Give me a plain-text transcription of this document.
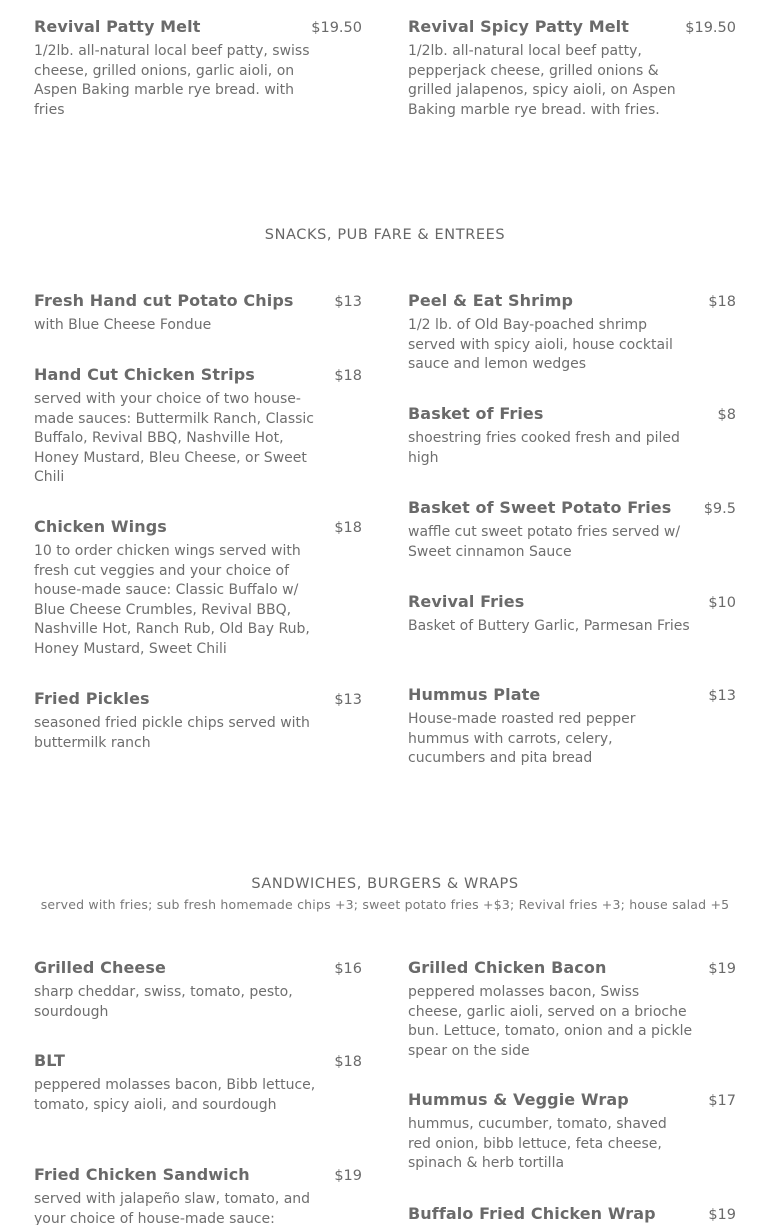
Revival Patty Melt	$19.50
1/2lb. all-natural local beef patty, swiss cheese, grilled onions, garlic aioli, on Aspen Baking marble rye bread. with fries
Revival Spicy Patty Melt	$19.50
1/2lb. all-natural local beef patty, pepperjack cheese, grilled onions & grilled jalapenos, spicy aioli, on Aspen Baking marble rye bread. with fries.
SNACKS, PUB FARE & ENTREES
Fresh Hand cut Potato Chips	$13
with Blue Cheese Fondue
Hand Cut Chicken Strips	$18
served with your choice of two house-made sauces: Buttermilk Ranch, Classic Buffalo, Revival BBQ, Nashville Hot, Honey Mustard, Bleu Cheese, or Sweet Chili
Chicken Wings	$18
10 to order chicken wings served with fresh cut veggies and your choice of house-made sauce: Classic Buffalo w/ Blue Cheese Crumbles, Revival BBQ, Nashville Hot, Ranch Rub, Old Bay Rub, Honey Mustard, Sweet Chili
Fried Pickles	$13
seasoned fried pickle chips served with buttermilk ranch
Peel & Eat Shrimp	$18
1/2 lb. of Old Bay-poached shrimp served with spicy aioli, house cocktail sauce and lemon wedges
Basket of Fries	$8
shoestring fries cooked fresh and piled high
Basket of Sweet Potato Fries $9.5
waffle cut sweet potato fries served w/ Sweet cinnamon Sauce
Revival Fries	$10
Basket of Buttery Garlic, Parmesan Fries
Hummus Plate	$13
House-made roasted red pepper hummus with carrots, celery, cucumbers and pita bread
SANDWICHES, BURGERS & WRAPS
served with fries; sub fresh homemade chips +3; sweet potato fries +$3; Revival fries +3; house salad +5
Grilled Cheese	$16
sharp cheddar, swiss, tomato, pesto, sourdough
BLT	$18
peppered molasses bacon, Bibb lettuce, tomato, spicy aioli, and sourdough
Fried Chicken Sandwich	$19
served with jalapeño slaw, tomato, and your choice of house-made sauce:
Grilled Chicken Bacon	$19
peppered molasses bacon, Swiss cheese, garlic aioli, served on a brioche bun. Lettuce, tomato, onion and a pickle spear on the side
Hummus & Veggie Wrap	$17
hummus, cucumber, tomato, shaved red onion, bibb lettuce, feta cheese, spinach & herb tortilla
Buffalo Fried Chicken Wrap	$19
